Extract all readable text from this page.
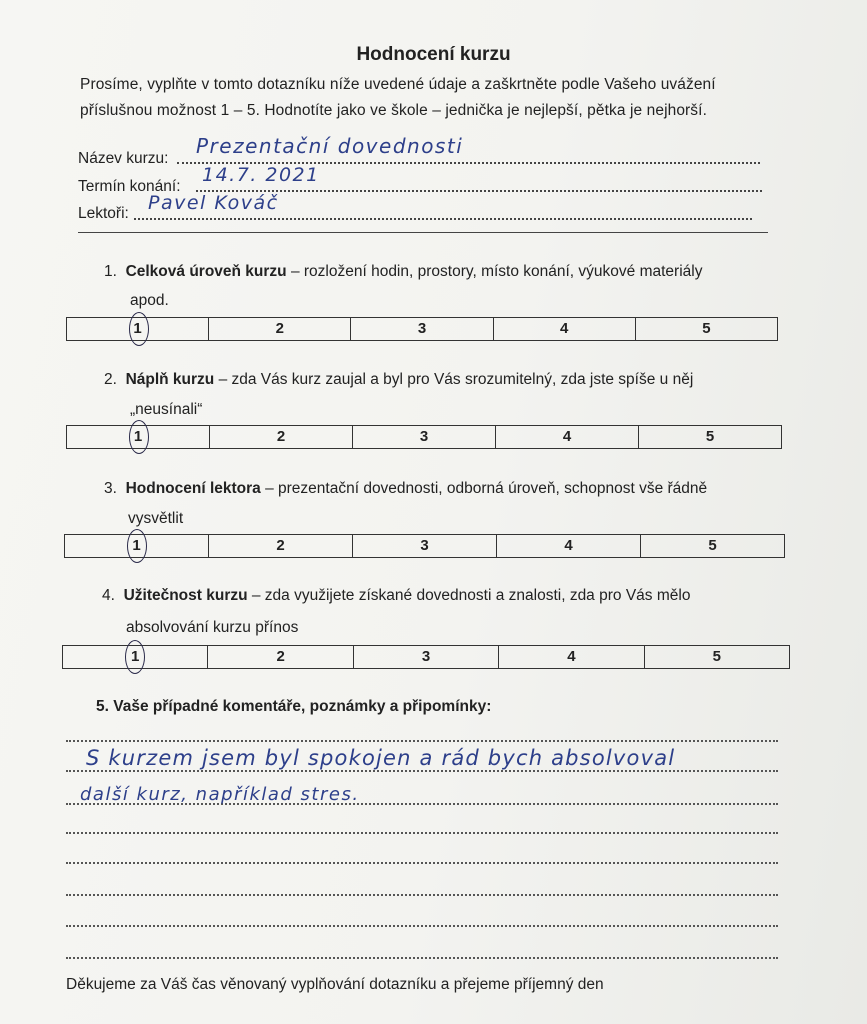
Hodnocení kurzu
Prosíme, vyplňte v tomto dotazníku níže uvedené údaje a zaškrtněte podle Vašeho uvážení
příslušnou možnost 1 – 5. Hodnotíte jako ve škole – jednička je nejlepší, pětka je nejhorší.
Název kurzu:
Prezentační dovednosti
Termín konání:
14.7. 2021
Lektoři: Pavel Kováč
1. Celková úroveň kurzu – rozložení hodin, prostory, místo konání, výukové materiály
apod.
1	2	3	4	5
2. Náplň kurzu – zda Vás kurz zaujal a byl pro Vás srozumitelný, zda jste spíše u něj
„neusínali“
1	2	3	4	5
3. Hodnocení lektora – prezentační dovednosti, odborná úroveň, schopnost vše řádně
vysvětlit
1	2	3	4	5
4. Užitečnost kurzu – zda využijete získané dovednosti a znalosti, zda pro Vás mělo
absolvování kurzu přínos
1	2	3	4	5
5. Vaše případné komentáře, poznámky a připomínky:
S kurzem jsem byl spokojen a rád bych absolvoval
další kurz, například stres.
Děkujeme za Váš čas věnovaný vyplňování dotazníku a přejeme příjemný den
